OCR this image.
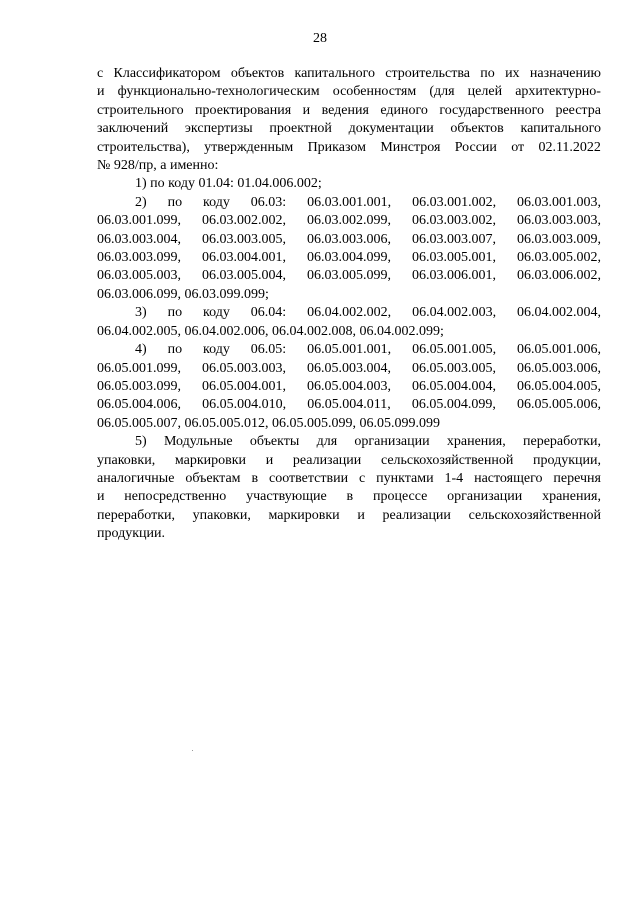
28
с Классификатором объектов капитального строительства по их назначению
и функционально-технологическим особенностям (для целей архитектурно-
строительного проектирования и ведения единого государственного реестра
заключений экспертизы проектной документации объектов капитального
строительства), утвержденным Приказом Минстроя России от 02.11.2022
№ 928/пр, а именно:
1) по коду 01.04: 01.04.006.002;
2) по коду 06.03: 06.03.001.001, 06.03.001.002, 06.03.001.003,
06.03.001.099, 06.03.002.002, 06.03.002.099, 06.03.003.002, 06.03.003.003,
06.03.003.004, 06.03.003.005, 06.03.003.006, 06.03.003.007, 06.03.003.009,
06.03.003.099, 06.03.004.001, 06.03.004.099, 06.03.005.001, 06.03.005.002,
06.03.005.003, 06.03.005.004, 06.03.005.099, 06.03.006.001, 06.03.006.002,
06.03.006.099, 06.03.099.099;
3) по коду 06.04: 06.04.002.002, 06.04.002.003, 06.04.002.004,
06.04.002.005, 06.04.002.006, 06.04.002.008, 06.04.002.099;
4) по коду 06.05: 06.05.001.001, 06.05.001.005, 06.05.001.006,
06.05.001.099, 06.05.003.003, 06.05.003.004, 06.05.003.005, 06.05.003.006,
06.05.003.099, 06.05.004.001, 06.05.004.003, 06.05.004.004, 06.05.004.005,
06.05.004.006, 06.05.004.010, 06.05.004.011, 06.05.004.099, 06.05.005.006,
06.05.005.007, 06.05.005.012, 06.05.005.099, 06.05.099.099
5) Модульные объекты для организации хранения, переработки,
упаковки, маркировки и реализации сельскохозяйственной продукции,
аналогичные объектам в соответствии с пунктами 1-4 настоящего перечня
и непосредственно участвующие в процессе организации хранения,
переработки, упаковки, маркировки и реализации сельскохозяйственной
продукции.
